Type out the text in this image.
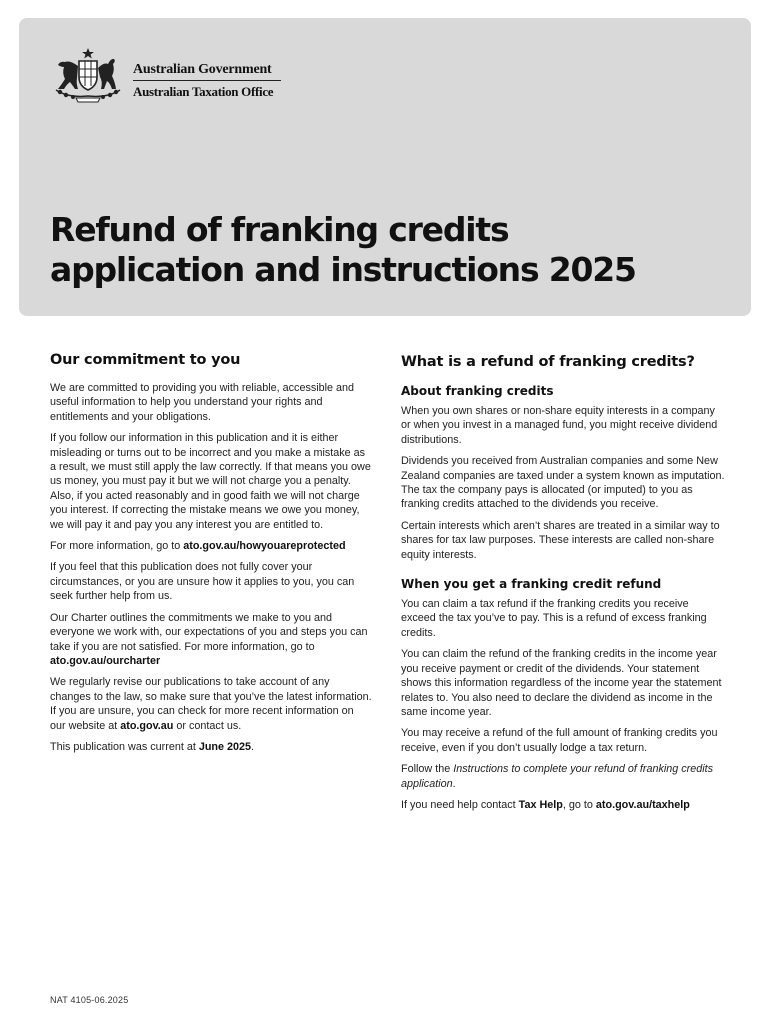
Australian Government
Australian Taxation Office
Refund of franking credits
application and instructions 2025
Our commitment to you

We are committed to providing you with reliable, accessible and useful information to help you understand your rights and entitlements and your obligations.

If you follow our information in this publication and it is either misleading or turns out to be incorrect and you make a mistake as a result, we must still apply the law correctly. If that means you owe us money, you must pay it but we will not charge you a penalty. Also, if you acted reasonably and in good faith we will not charge you interest. If correcting the mistake means we owe you money, we will pay it and pay you any interest you are entitled to.

For more information, go to ato.gov.au/howyouareprotected

If you feel that this publication does not fully cover your circumstances, or you are unsure how it applies to you, you can seek further help from us.

Our Charter outlines the commitments we make to you and everyone we work with, our expectations of you and steps you can take if you are not satisfied. For more information, go to ato.gov.au/ourcharter

We regularly revise our publications to take account of any changes to the law, so make sure that you’ve the latest information. If you are unsure, you can check for more recent information on our website at ato.gov.au or contact us.

This publication was current at June 2025.

What is a refund of franking credits?
About franking credits

When you own shares or non-share equity interests in a company or when you invest in a managed fund, you might receive dividend distributions.

Dividends you received from Australian companies and some New Zealand companies are taxed under a system known as imputation. The tax the company pays is allocated (or imputed) to you as franking credits attached to the dividends you receive.

Certain interests which aren’t shares are treated in a similar way to shares for tax law purposes. These interests are called non-share equity interests.

When you get a franking credit refund

You can claim a tax refund if the franking credits you receive exceed the tax you’ve to pay. This is a refund of excess franking credits.

You can claim the refund of the franking credits in the income year you receive payment or credit of the dividends. Your statement shows this information regardless of the income year the statement relates to. You also need to declare the dividend as income in the same income year.

You may receive a refund of the full amount of franking credits you receive, even if you don’t usually lodge a tax return.

Follow the Instructions to complete your refund of franking credits application.

If you need help contact Tax Help, go to ato.gov.au/taxhelp

NAT 4105-06.2025
